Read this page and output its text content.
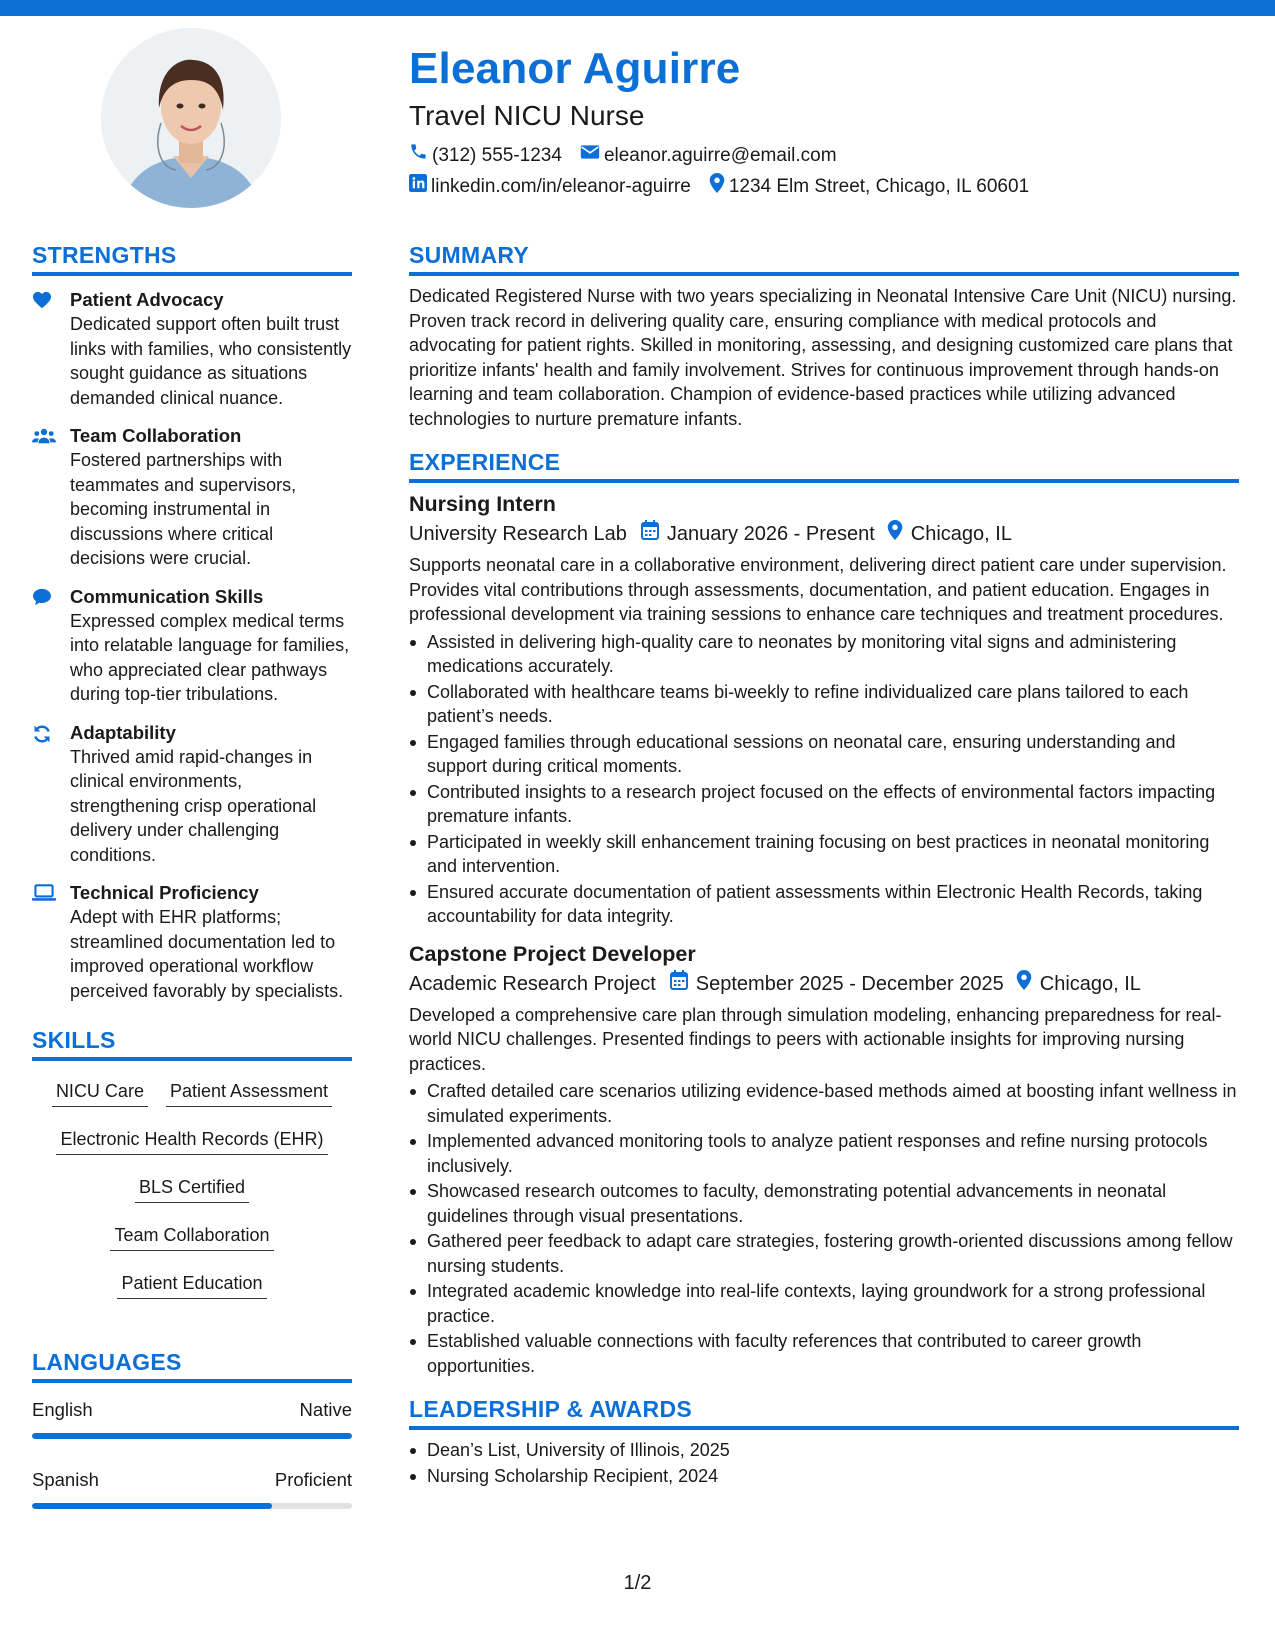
Eleanor Aguirre
Travel NICU Nurse
(312) 555-1234 eleanor.aguirre@email.com
linkedin.com/in/eleanor-aguirre 1234 Elm Street, Chicago, IL 60601
STRENGTHS
Patient Advocacy
Dedicated support often built trust links with families, who consistently sought guidance as situations demanded clinical nuance.
Team Collaboration
Fostered partnerships with teammates and supervisors, becoming instrumental in discussions where critical decisions were crucial.
Communication Skills
Expressed complex medical terms into relatable language for families, who appreciated clear pathways during top-tier tribulations.
Adaptability
Thrived amid rapid-changes in clinical environments, strengthening crisp operational delivery under challenging conditions.
Technical Proficiency
Adept with EHR platforms; streamlined documentation led to improved operational workflow perceived favorably by specialists.
SKILLS
NICU Care Patient Assessment
Electronic Health Records (EHR)
BLS Certified
Team Collaboration
Patient Education
LANGUAGES
English	Native
Spanish	Proficient
SUMMARY
Dedicated Registered Nurse with two years specializing in Neonatal Intensive Care Unit (NICU) nursing. Proven track record in delivering quality care, ensuring compliance with medical protocols and advocating for patient rights. Skilled in monitoring, assessing, and designing customized care plans that prioritize infants' health and family involvement. Strives for continuous improvement through hands-on learning and team collaboration. Champion of evidence-based practices while utilizing advanced technologies to nurture premature infants.
EXPERIENCE
Nursing Intern
University Research Lab January 2026 - Present Chicago, IL
Supports neonatal care in a collaborative environment, delivering direct patient care under supervision. Provides vital contributions through assessments, documentation, and patient education. Engages in professional development via training sessions to enhance care techniques and treatment procedures.
Assisted in delivering high-quality care to neonates by monitoring vital signs and administering medications accurately.
Collaborated with healthcare teams bi-weekly to refine individualized care plans tailored to each patient’s needs.
Engaged families through educational sessions on neonatal care, ensuring understanding and support during critical moments.
Contributed insights to a research project focused on the effects of environmental factors impacting premature infants.
Participated in weekly skill enhancement training focusing on best practices in neonatal monitoring and intervention.
Ensured accurate documentation of patient assessments within Electronic Health Records, taking accountability for data integrity.
Capstone Project Developer
Academic Research Project September 2025 - December 2025 Chicago, IL
Developed a comprehensive care plan through simulation modeling, enhancing preparedness for real-world NICU challenges. Presented findings to peers with actionable insights for improving nursing practices.
Crafted detailed care scenarios utilizing evidence-based methods aimed at boosting infant wellness in simulated experiments.
Implemented advanced monitoring tools to analyze patient responses and refine nursing protocols inclusively.
Showcased research outcomes to faculty, demonstrating potential advancements in neonatal guidelines through visual presentations.
Gathered peer feedback to adapt care strategies, fostering growth-oriented discussions among fellow nursing students.
Integrated academic knowledge into real-life contexts, laying groundwork for a strong professional practice.
Established valuable connections with faculty references that contributed to career growth opportunities.
LEADERSHIP & AWARDS
Dean’s List, University of Illinois, 2025
Nursing Scholarship Recipient, 2024
1/2
